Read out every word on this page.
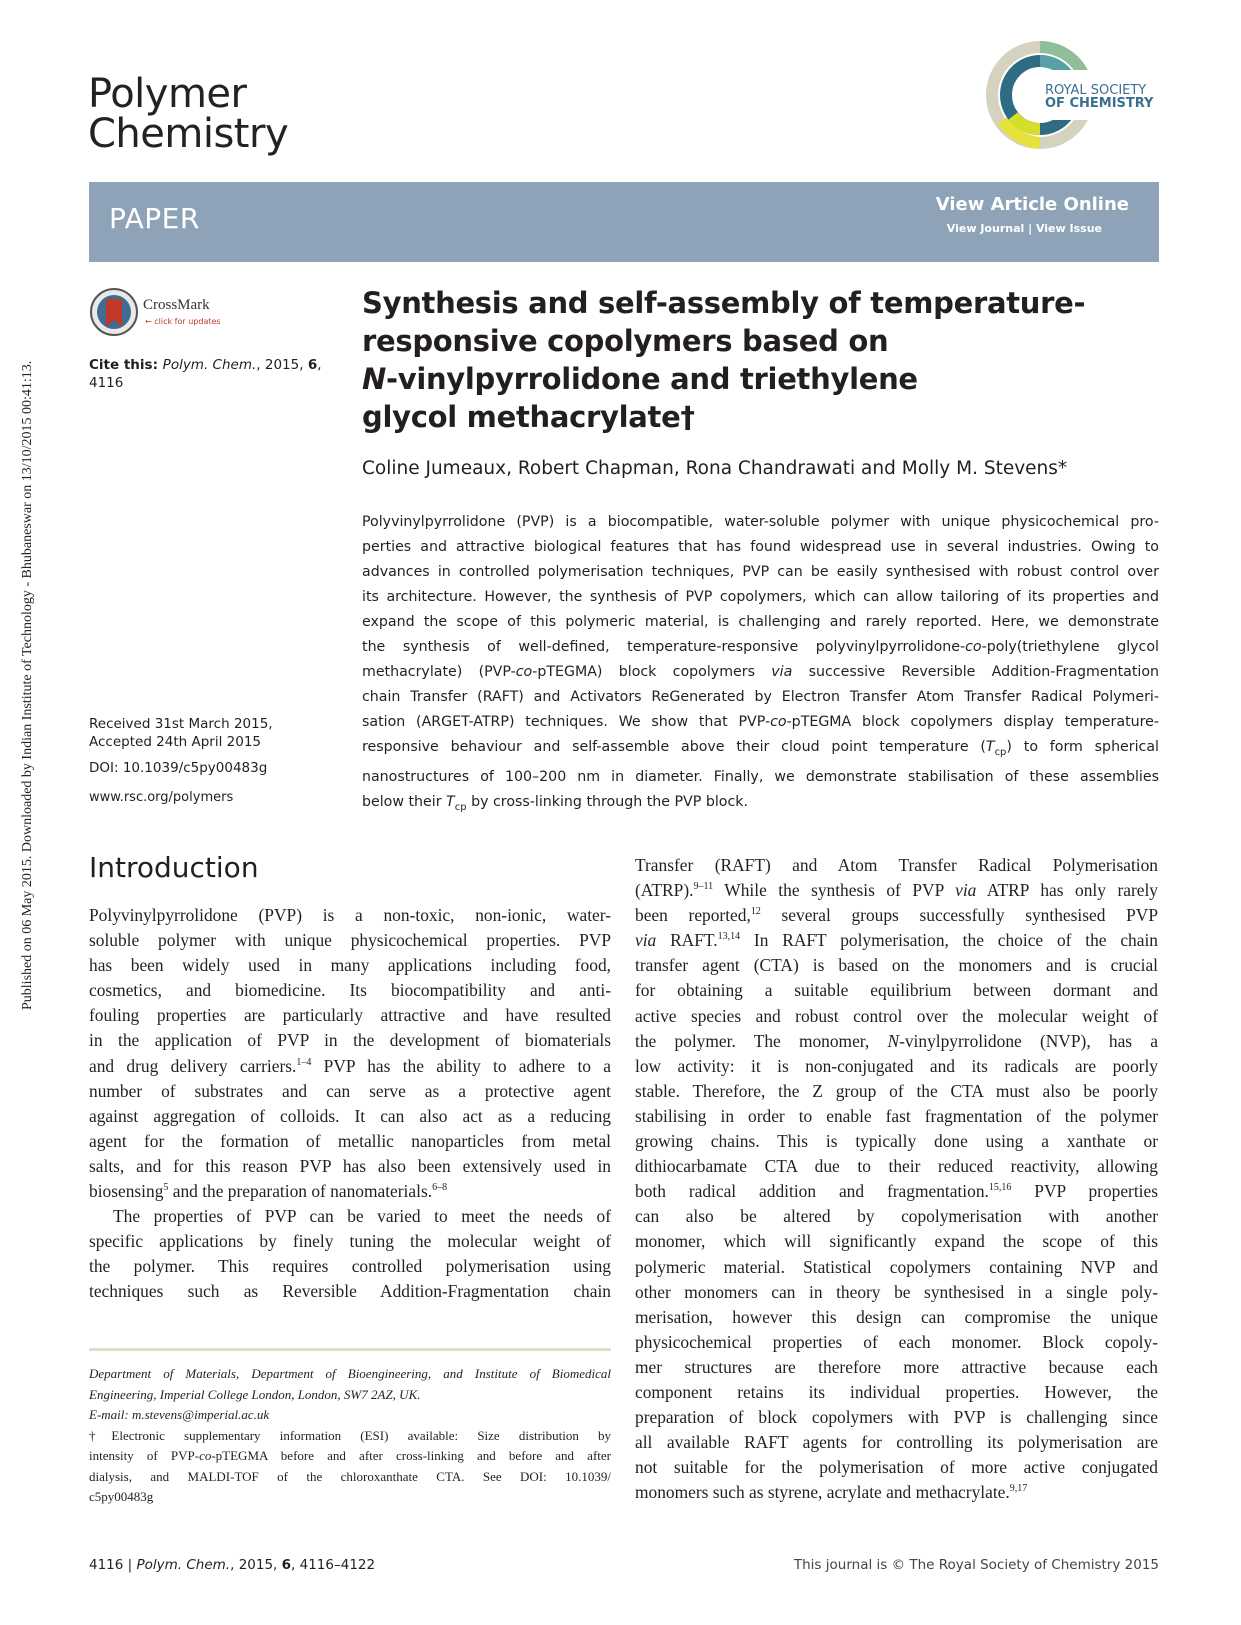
Published on 06 May 2015. Downloaded by Indian Institute of Technology - Bhubaneswar on 13/10/2015 00:41:13.
Polymer
Chemistry
ROYAL SOCIETY
OF CHEMISTRY
PAPER	View Article Online
View Journal | View Issue
CrossMark
← click for updates
Cite this: Polym. Chem., 2015, 6,
4116
Received 31st March 2015,
Accepted 24th April 2015
DOI: 10.1039/c5py00483g
www.rsc.org/polymers
Synthesis and self-assembly of temperature-
responsive copolymers based on
N-vinylpyrrolidone and triethylene
glycol methacrylate†
Coline Jumeaux, Robert Chapman, Rona Chandrawati and Molly M. Stevens*
Polyvinylpyrrolidone (PVP) is a biocompatible, water-soluble polymer with unique physicochemical pro-
perties and attractive biological features that has found widespread use in several industries. Owing to
advances in controlled polymerisation techniques, PVP can be easily synthesised with robust control over
its architecture. However, the synthesis of PVP copolymers, which can allow tailoring of its properties and
expand the scope of this polymeric material, is challenging and rarely reported. Here, we demonstrate
the synthesis of well-defined, temperature-responsive polyvinylpyrrolidone-co-poly(triethylene glycol
methacrylate) (PVP-co-pTEGMA) block copolymers via successive Reversible Addition-Fragmentation
chain Transfer (RAFT) and Activators ReGenerated by Electron Transfer Atom Transfer Radical Polymeri-
sation (ARGET-ATRP) techniques. We show that PVP-co-pTEGMA block copolymers display temperature-
responsive behaviour and self-assemble above their cloud point temperature $(T_{cp})$ to form spherical
nanostructures of 100–200 nm in diameter. Finally, we demonstrate stabilisation of these assemblies
below their $T_{cp}$ by cross-linking through the PVP block.
Introduction
Polyvinylpyrrolidone (PVP) is a non-toxic, non-ionic, water-
soluble polymer with unique physicochemical properties. PVP
has been widely used in many applications including food,
cosmetics, and biomedicine. Its biocompatibility and anti-
fouling properties are particularly attractive and have resulted
in the application of PVP in the development of biomaterials
and drug delivery carriers.$^{1-4}$ PVP has the ability to adhere to a
number of substrates and can serve as a protective agent
against aggregation of colloids. It can also act as a reducing
agent for the formation of metallic nanoparticles from metal
salts, and for this reason PVP has also been extensively used in
biosensing$^5$ and the preparation of nanomaterials.$^{6-8}$
The properties of PVP can be varied to meet the needs of
specific applications by finely tuning the molecular weight of
the polymer. This requires controlled polymerisation using
techniques such as Reversible Addition-Fragmentation chain
Transfer (RAFT) and Atom Transfer Radical Polymerisation
(ATRP).$^{9-11}$ While the synthesis of PVP via ATRP has only rarely
been reported,$^{12}$ several groups successfully synthesised PVP
via RAFT.$^{13,14}$ In RAFT polymerisation, the choice of the chain
transfer agent (CTA) is based on the monomers and is crucial
for obtaining a suitable equilibrium between dormant and
active species and robust control over the molecular weight of
the polymer. The monomer, N-vinylpyrrolidone (NVP), has a
low activity: it is non-conjugated and its radicals are poorly
stable. Therefore, the Z group of the CTA must also be poorly
stabilising in order to enable fast fragmentation of the polymer
growing chains. This is typically done using a xanthate or
dithiocarbamate CTA due to their reduced reactivity, allowing
both radical addition and fragmentation.$^{15,16}$ PVP properties
can also be altered by copolymerisation with another
monomer, which will significantly expand the scope of this
polymeric material. Statistical copolymers containing NVP and
other monomers can in theory be synthesised in a single poly-
merisation, however this design can compromise the unique
physicochemical properties of each monomer. Block copoly-
mer structures are therefore more attractive because each
component retains its individual properties. However, the
preparation of block copolymers with PVP is challenging since
all available RAFT agents for controlling its polymerisation are
not suitable for the polymerisation of more active conjugated
monomers such as styrene, acrylate and methacrylate.$^{9,17}$
Department of Materials, Department of Bioengineering, and Institute of Biomedical
Engineering, Imperial College London, London, SW7 2AZ, UK.
E-mail: m.stevens@imperial.ac.uk
†Electronic supplementary information (ESI) available: Size distribution by
intensity of PVP-co-pTEGMA before and after cross-linking and before and after
dialysis, and MALDI-TOF of the chloroxanthate CTA. See DOI: 10.1039/
c5py00483g
4116 | Polym. Chem., 2015, 6, 4116–4122	This journal is © The Royal Society of Chemistry 2015
